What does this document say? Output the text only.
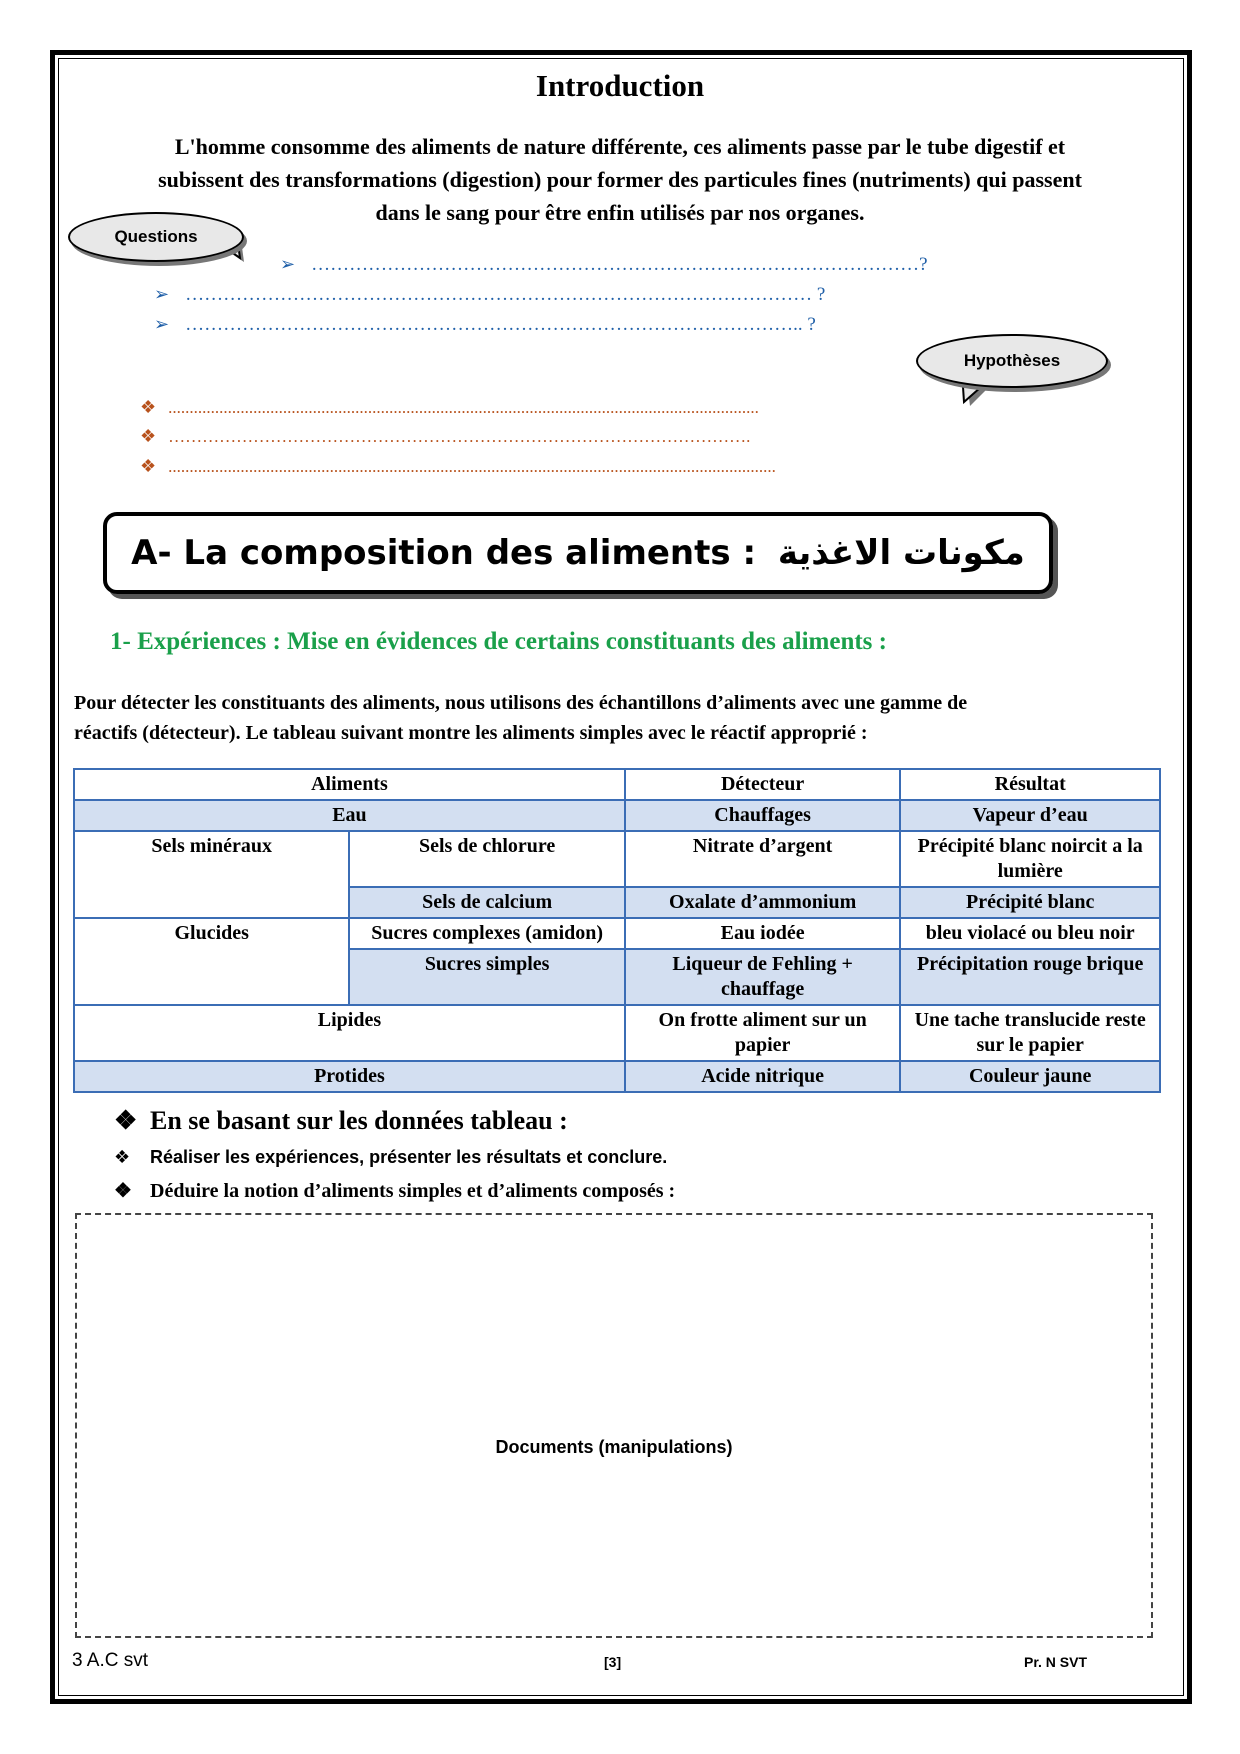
Introduction
L'homme consomme des aliments de nature différente, ces aliments passe par le tube digestif et
subissent des transformations (digestion) pour former des particules fines (nutriments) qui passent
dans le sang pour être enfin utilisés par nos organes.
Questions
➢ ……………………………………………………………………………………?
➢ ……………………………………………………………………………………… ?
➢ …………………………………………………………………………………….. ?
Hypothèses
❖ ...........................................................................................................................................
❖ ………………………………………………………………………………………….
❖ ...............................................................................................................................................
A- La composition des aliments : مكونات الاغذية
1- Expériences : Mise en évidences de certains constituants des aliments :
Pour détecter les constituants des aliments, nous utilisons des échantillons d’aliments avec une gamme de
réactifs (détecteur). Le tableau suivant montre les aliments simples avec le réactif approprié :
Aliments		Détecteur	Résultat
Eau		Chauffages	Vapeur d’eau
Sels minéraux	Sels de chlorure	Nitrate d’argent	Précipité blanc noircit a la lumière
	Sels de calcium	Oxalate d’ammonium	Précipité blanc
Glucides	Sucres complexes (amidon)	Eau iodée	bleu violacé ou bleu noir
	Sucres simples	Liqueur de Fehling + chauffage	Précipitation rouge brique
Lipides		On frotte aliment sur un papier	Une tache translucide reste sur le papier
Protides		Acide nitrique	Couleur jaune
❖ En se basant sur les données tableau :
❖ Réaliser les expériences, présenter les résultats et conclure.
❖ Déduire la notion d’aliments simples et d’aliments composés :
Documents (manipulations)
3 A.C svt	[3]	Pr. N SVT
